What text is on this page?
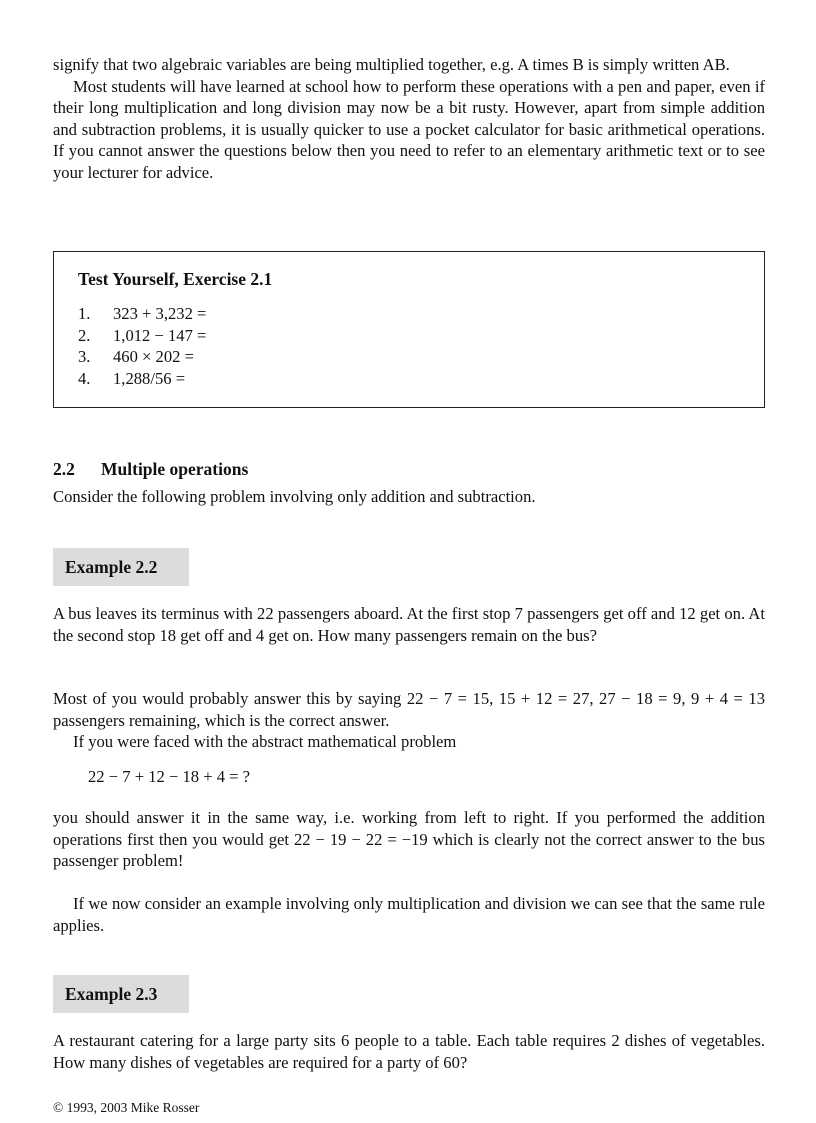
signify that two algebraic variables are being multiplied together, e.g. A times B is simply written AB.

Most students will have learned at school how to perform these operations with a pen and paper, even if their long multiplication and long division may now be a bit rusty. However, apart from simple addition and subtraction problems, it is usually quicker to use a pocket calculator for basic arithmetical operations. If you cannot answer the questions below then you need to refer to an elementary arithmetic text or to see your lecturer for advice.

Test Yourself, Exercise 2.1
1.	323 + 3,232 =
2.	1,012 − 147 =
3.	460 × 202 =
4.	1,288/56 =
2.2 Multiple operations

Consider the following problem involving only addition and subtraction.

Example 2.2

A bus leaves its terminus with 22 passengers aboard. At the first stop 7 passengers get off and 12 get on. At the second stop 18 get off and 4 get on. How many passengers remain on the bus?

Most of you would probably answer this by saying 22 − 7 = 15, 15 + 12 = 27, 27 − 18 = 9, 9 + 4 = 13 passengers remaining, which is the correct answer.

If you were faced with the abstract mathematical problem

22 − 7 + 12 − 18 + 4 = ?

you should answer it in the same way, i.e. working from left to right. If you performed the addition operations first then you would get 22 − 19 − 22 = −19 which is clearly not the correct answer to the bus passenger problem!

If we now consider an example involving only multiplication and division we can see that the same rule applies.

Example 2.3

A restaurant catering for a large party sits 6 people to a table. Each table requires 2 dishes of vegetables. How many dishes of vegetables are required for a party of 60?

© 1993, 2003 Mike Rosser
